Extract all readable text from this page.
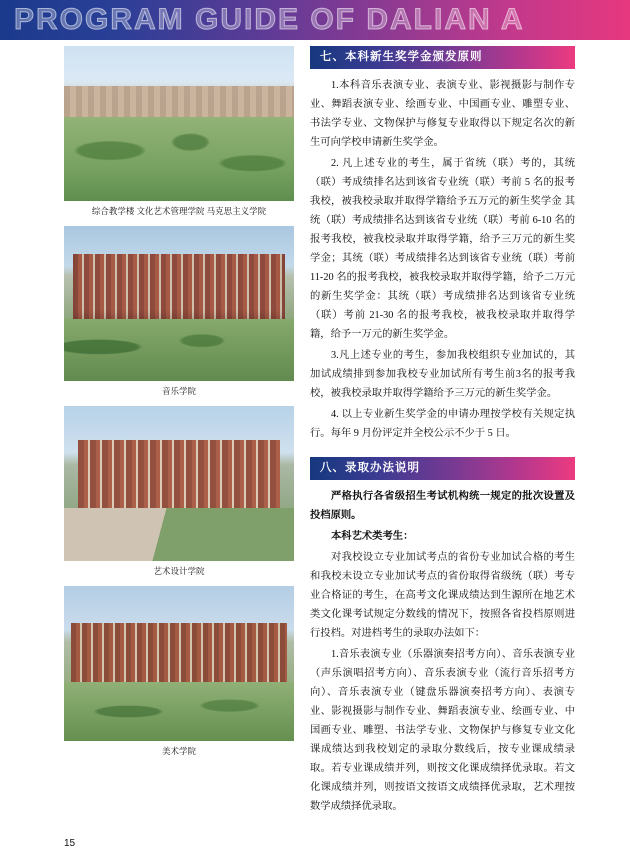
PROGRAM GUIDE OF DALIAN A
综合教学楼 文化艺术管理学院 马克思主义学院
音乐学院
艺术设计学院
美术学院
七、本科新生奖学金颁发原则

1.本科音乐表演专业、表演专业、影视摄影与制作专业、舞蹈表演专业、绘画专业、中国画专业、雕塑专业、书法学专业、文物保护与修复专业取得以下规定名次的新生可向学校申请新生奖学金。

2. 凡上述专业的考生，属于省统（联）考的，其统（联）考成绩排名达到该省专业统（联）考前 5 名的报考我校，被我校录取并取得学籍给予五万元的新生奖学金 其统（联）考成绩排名达到该省专业统（联）考前 6-10 名的报考我校，被我校录取并取得学籍，给予三万元的新生奖学金；其统（联）考成绩排名达到该省专业统（联）考前 11-20 名的报考我校，被我校录取并取得学籍，给予二万元的新生奖学金：其统（联）考成绩排名达到该省专业统（联）考前 21-30 名的报考我校，被我校录取并取得学籍，给予一万元的新生奖学金。

3.凡上述专业的考生，参加我校组织专业加试的，其加试成绩排到参加我校专业加试所有考生前3名的报考我校，被我校录取并取得学籍给予三万元的新生奖学金。

4. 以上专业新生奖学金的申请办理按学校有关规定执行。每年 9 月份评定并全校公示不少于 5 日。

八、录取办法说明

严格执行各省级招生考试机构统一规定的批次设置及投档原则。

本科艺术类考生：

对我校设立专业加试考点的省份专业加试合格的考生和我校未设立专业加试考点的省份取得省级统（联）考专业合格证的考生，在高考文化课成绩达到生源所在地艺术类文化课考试规定分数线的情况下，按照各省投档原则进行投档。对进档考生的录取办法如下：

1.音乐表演专业（乐器演奏招考方向）、音乐表演专业（声乐演唱招考方向）、音乐表演专业（流行音乐招考方向）、音乐表演专业（键盘乐器演奏招考方向）、表演专业、影视摄影与制作专业、舞蹈表演专业、绘画专业、中国画专业、雕塑、书法学专业、文物保护与修复专业文化课成绩达到我校划定的录取分数线后，按专业课成绩录取。若专业课成绩并列，则按文化课成绩择优录取。若文化课成绩并列，则按语文按语文成绩择优录取，艺术理按数学成绩择优录取。

15
